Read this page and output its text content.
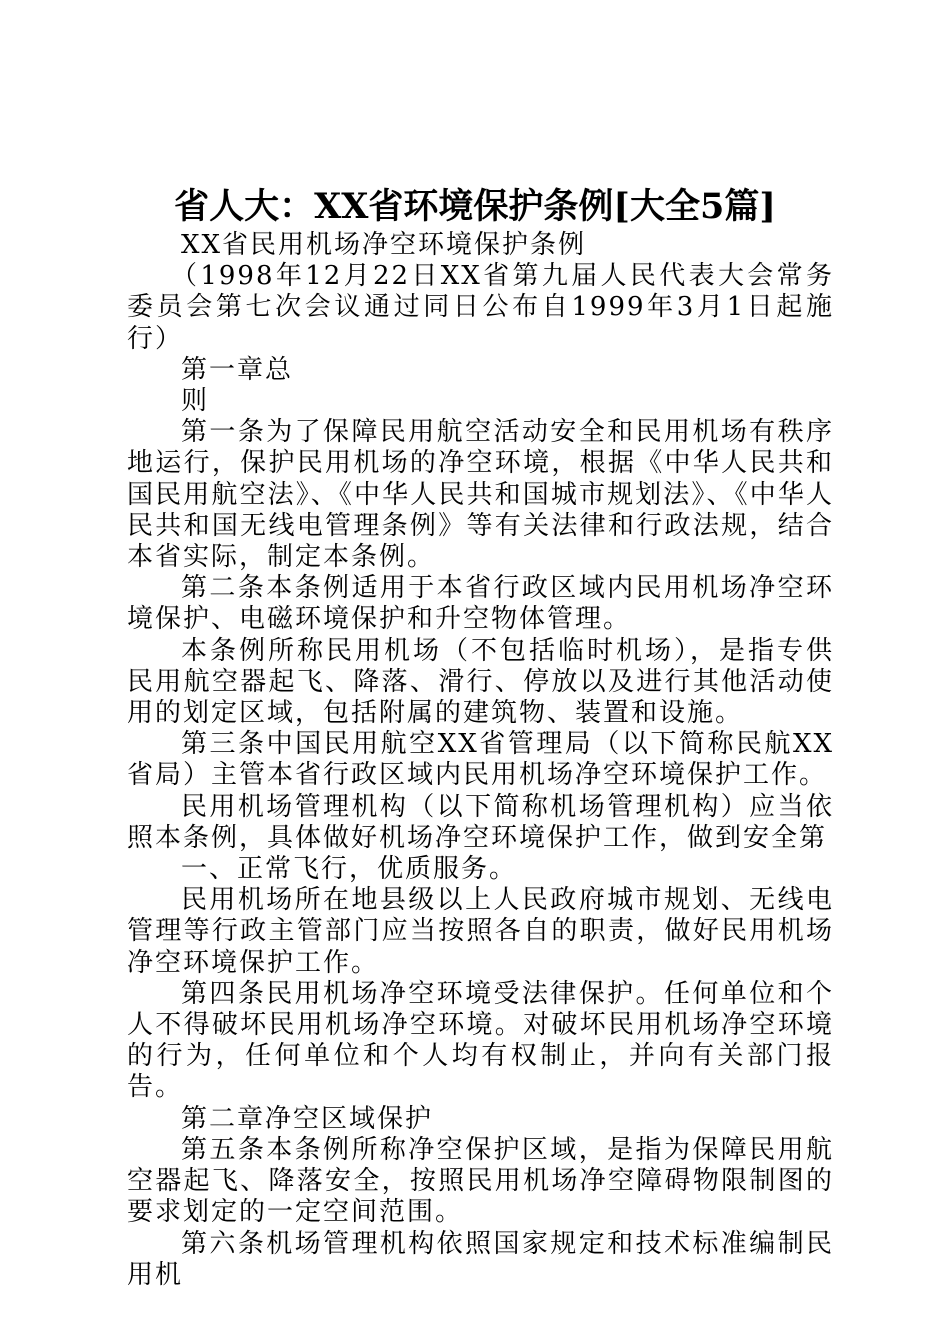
省人大：XX省环境保护条例[大全5篇]

XX省民用机场净空环境保护条例

（1998年12月22日XX省第九届人民代表大会常务委员会第七次会议通过同日公布自1999年3月1日起施行）

第一章总

则

第一条为了保障民用航空活动安全和民用机场有秩序地运行，保护民用机场的净空环境，根据《中华人民共和国民用航空法》、《中华人民共和国城市规划法》、《中华人民共和国无线电管理条例》等有关法律和行政法规，结合本省实际，制定本条例。

第二条本条例适用于本省行政区域内民用机场净空环境保护、电磁环境保护和升空物体管理。

本条例所称民用机场（不包括临时机场），是指专供民用航空器起飞、降落、滑行、停放以及进行其他活动使用的划定区域，包括附属的建筑物、装置和设施。

第三条中国民用航空XX省管理局（以下简称民航XX省局）主管本省行政区域内民用机场净空环境保护工作。

民用机场管理机构（以下简称机场管理机构）应当依照本条例，具体做好机场净空环境保护工作，做到安全第

一、正常飞行，优质服务。

民用机场所在地县级以上人民政府城市规划、无线电管理等行政主管部门应当按照各自的职责，做好民用机场净空环境保护工作。

第四条民用机场净空环境受法律保护。任何单位和个人不得破坏民用机场净空环境。对破坏民用机场净空环境的行为，任何单位和个人均有权制止，并向有关部门报告。

第二章净空区域保护

第五条本条例所称净空保护区域，是指为保障民用航空器起飞、降落安全，按照民用机场净空障碍物限制图的要求划定的一定空间范围。

第六条机场管理机构依照国家规定和技术标准编制民用机
